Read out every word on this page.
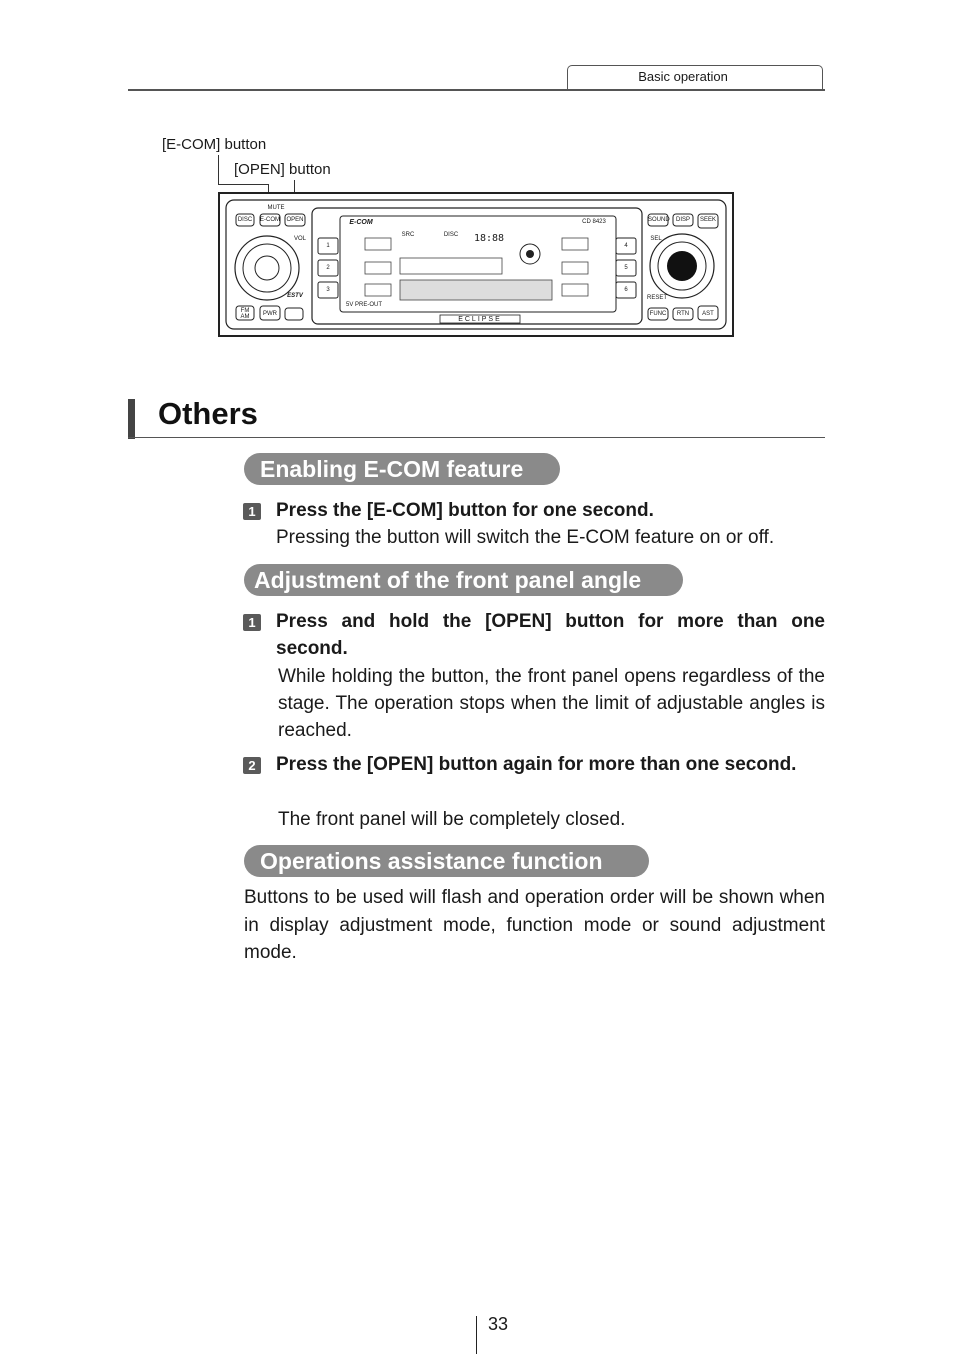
Basic operation
[E-COM] button
[OPEN] button
DISC	E-COM OPEN
MUTE
VOL
FM
AM	PWR
ESTV
1
2
3
4
5
6
SOUND	DISP	SEEK
SEL
RESET
FUNC	RTN	AST
E-COM	CD 8423
SRC	DISC 18:88
5V PRE-OUT
ECLIPSE
Others
Enabling E-COM feature
1 Press the [E-COM] button for one second.
Pressing the button will switch the E-COM feature on or off.
Adjustment of the front panel angle
1 Press and hold the [OPEN] button for more than one second.
While holding the button, the front panel opens regardless of the stage. The operation stops when the limit of adjustable angles is reached.
2 Press the [OPEN] button again for more than one second.
The front panel will be completely closed.
Operations assistance function
Buttons to be used will flash and operation order will be shown when in display adjustment mode, function mode or sound adjustment mode.
33
